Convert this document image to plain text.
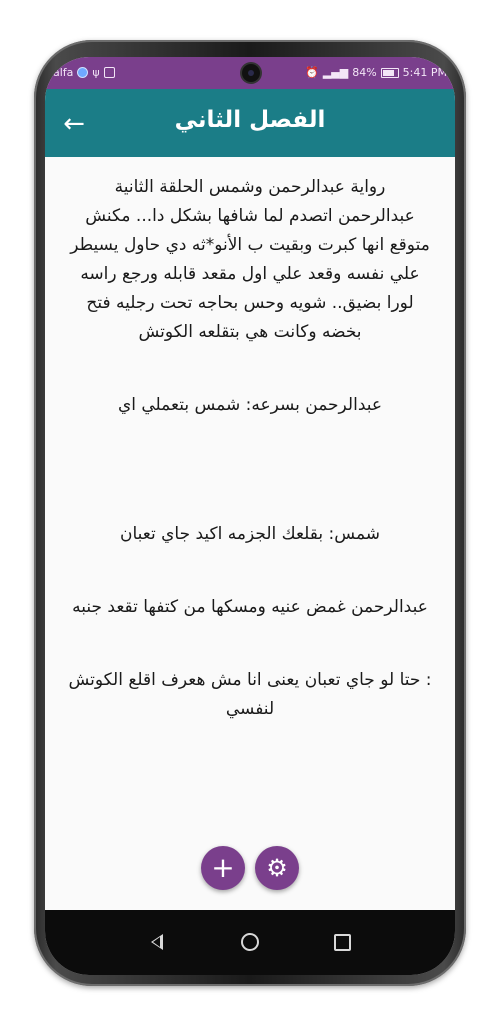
alfa ψ	⏰ ▂▄▆ 84% 5:41 PM
←	الفصل الثاني

رواية عبدالرحمن وشمس الحلقة الثانية
عبدالرحمن اتصدم لما شافها بشكل دا... مكنش متوقع انها كبرت وبقيت ب الأنو*ثه دي حاول يسيطر علي نفسه وقعد علي اول مقعد قابله ورجع راسه لورا بضيق.. شويه وحس بحاجه تحت رجليه فتح بخضه وكانت هي بتقلعه الكوتش

عبدالرحمن بسرعه: شمس بتعملي اي

شمس: بقلعك الجزمه اكيد جاي تعبان

عبدالرحمن غمض عنيه ومسكها من كتفها تقعد جنبه

: حتا لو جاي تعبان يعنى انا مش هعرف اقلع الكوتش لنفسي

+ ⚙
